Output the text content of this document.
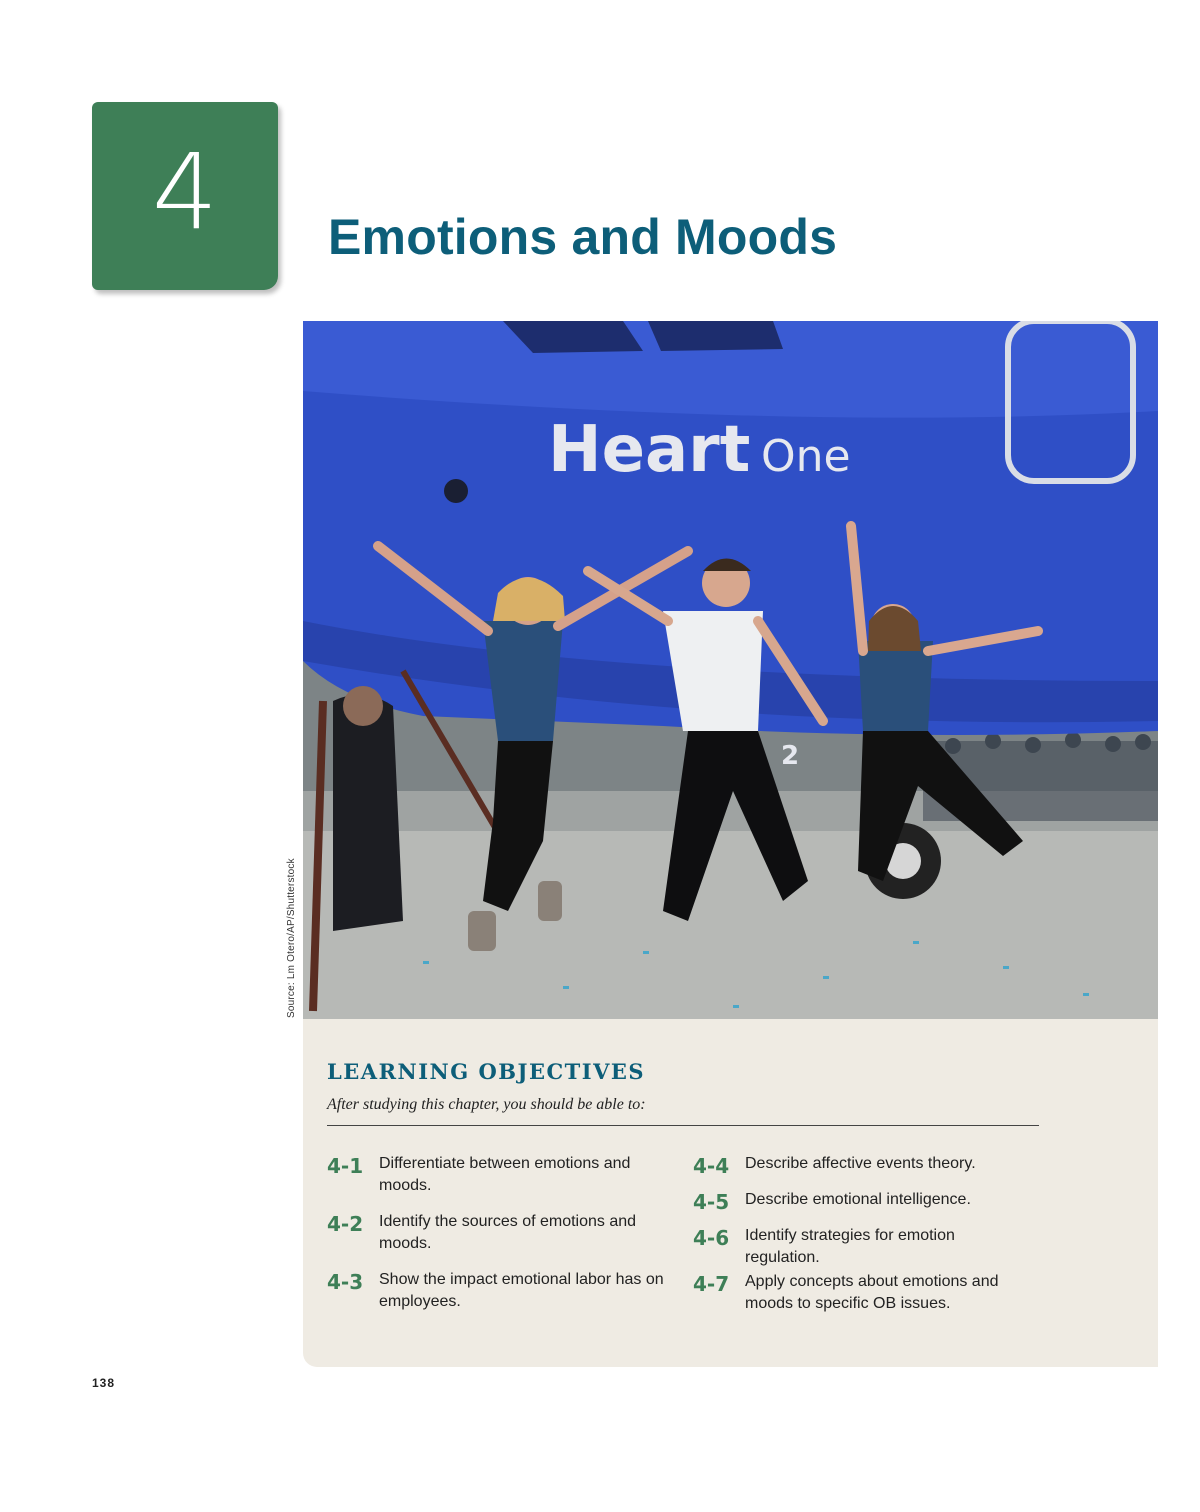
4 Emotions and Moods
Heart One
2
Source: Lm Otero/AP/Shutterstock
LEARNING OBJECTIVES

After studying this chapter, you should be able to:

4-1 Differentiate between emotions and moods.
4-2 Identify the sources of emotions and moods.
4-3 Show the impact emotional labor has on employees.
4-4 Describe affective events theory.
4-5 Describe emotional intelligence.
4-6 Identify strategies for emotion regulation.
4-7 Apply concepts about emotions and moods to specific OB issues.
138
